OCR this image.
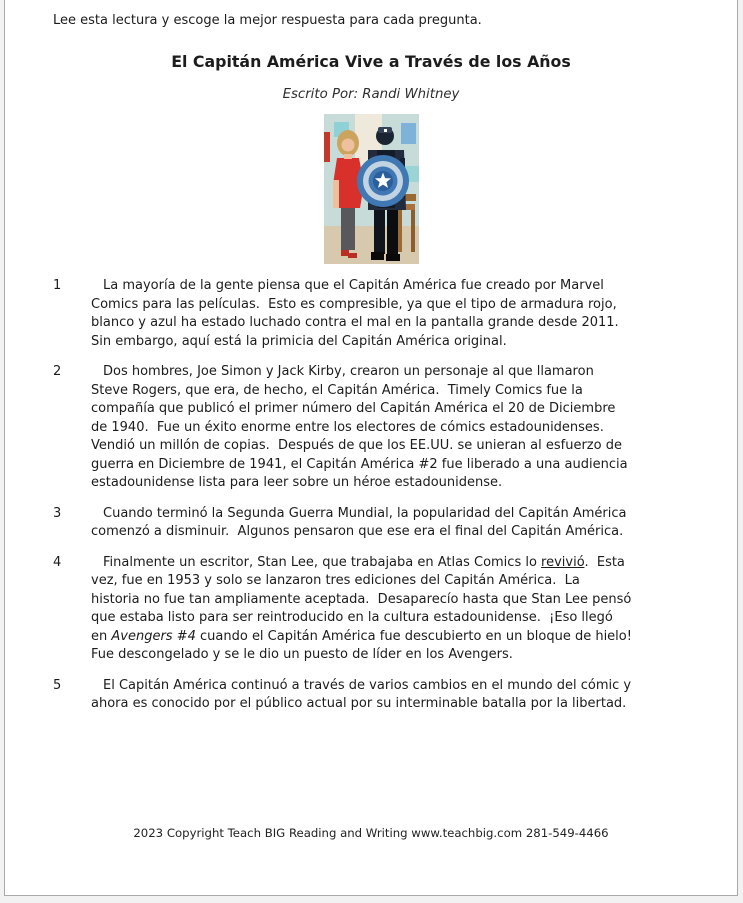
Lee esta lectura y escoge la mejor respuesta para cada pregunta.
El Capitán América Vive a Través de los Años
Escrito Por: Randi Whitney
1	La mayoría de la gente piensa que el Capitán América fue creado por Marvel
Comics para las películas.  Esto es compresible, ya que el tipo de armadura rojo,
blanco y azul ha estado luchado contra el mal en la pantalla grande desde 2011.
Sin embargo, aquí está la primicia del Capitán América original.
2	Dos hombres, Joe Simon y Jack Kirby, crearon un personaje al que llamaron
Steve Rogers, que era, de hecho, el Capitán América.  Timely Comics fue la
compañía que publicó el primer número del Capitán América el 20 de Diciembre
de 1940.  Fue un éxito enorme entre los electores de cómics estadounidenses.
Vendió un millón de copias.  Después de que los EE.UU. se unieran al esfuerzo de
guerra en Diciembre de 1941, el Capitán América #2 fue liberado a una audiencia
estadounidense lista para leer sobre un héroe estadounidense.
3	Cuando terminó la Segunda Guerra Mundial, la popularidad del Capitán América
comenzó a disminuir.  Algunos pensaron que ese era el final del Capitán América.
4	Finalmente un escritor, Stan Lee, que trabajaba en Atlas Comics lo revivió.  Esta
vez, fue en 1953 y solo se lanzaron tres ediciones del Capitán América.  La
historia no fue tan ampliamente aceptada.  Desaparecío hasta que Stan Lee pensó
que estaba listo para ser reintroducido en la cultura estadounidense.  ¡Eso llegó
en Avengers #4 cuando el Capitán América fue descubierto en un bloque de hielo!
Fue descongelado y se le dio un puesto de líder en los Avengers.
5	El Capitán América continuó a través de varios cambios en el mundo del cómic y
ahora es conocido por el público actual por su interminable batalla por la libertad.
2023 Copyright Teach BIG Reading and Writing www.teachbig.com 281-549-4466
